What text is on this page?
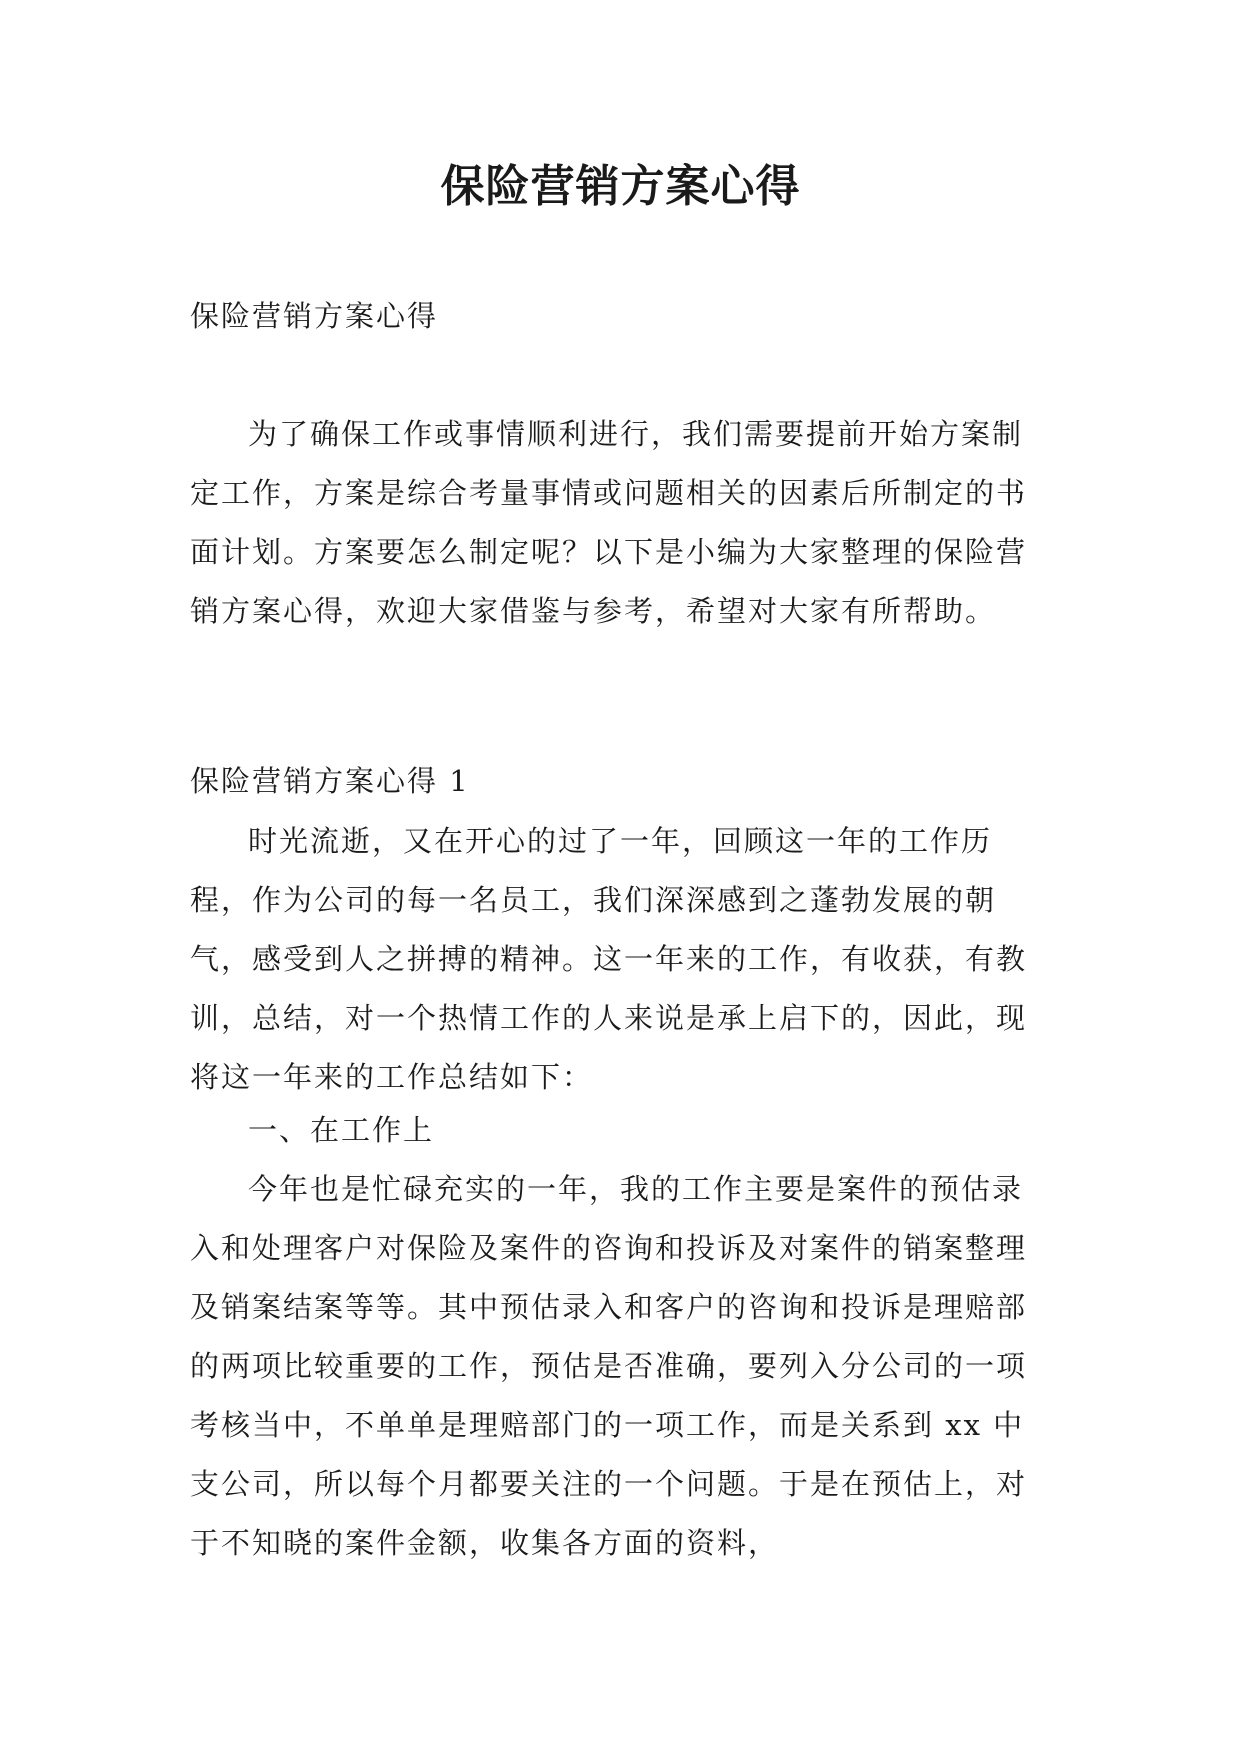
保险营销方案心得

保险营销方案心得

为了确保工作或事情顺利进行，我们需要提前开始方案制定工作，方案是综合考量事情或问题相关的因素后所制定的书面计划。方案要怎么制定呢？以下是小编为大家整理的保险营销方案心得，欢迎大家借鉴与参考，希望对大家有所帮助。

保险营销方案心得 1

时光流逝，又在开心的过了一年，回顾这一年的工作历程，作为公司的每一名员工，我们深深感到之蓬勃发展的朝气，感受到人之拼搏的精神。这一年来的工作，有收获，有教训，总结，对一个热情工作的人来说是承上启下的，因此，现将这一年来的工作总结如下：

一、在工作上

今年也是忙碌充实的一年，我的工作主要是案件的预估录入和处理客户对保险及案件的咨询和投诉及对案件的销案整理及销案结案等等。其中预估录入和客户的咨询和投诉是理赔部的两项比较重要的工作，预估是否准确，要列入分公司的一项考核当中，不单单是理赔部门的一项工作，而是关系到 xx 中支公司，所以每个月都要关注的一个问题。于是在预估上，对于不知晓的案件金额，收集各方面的资料，
